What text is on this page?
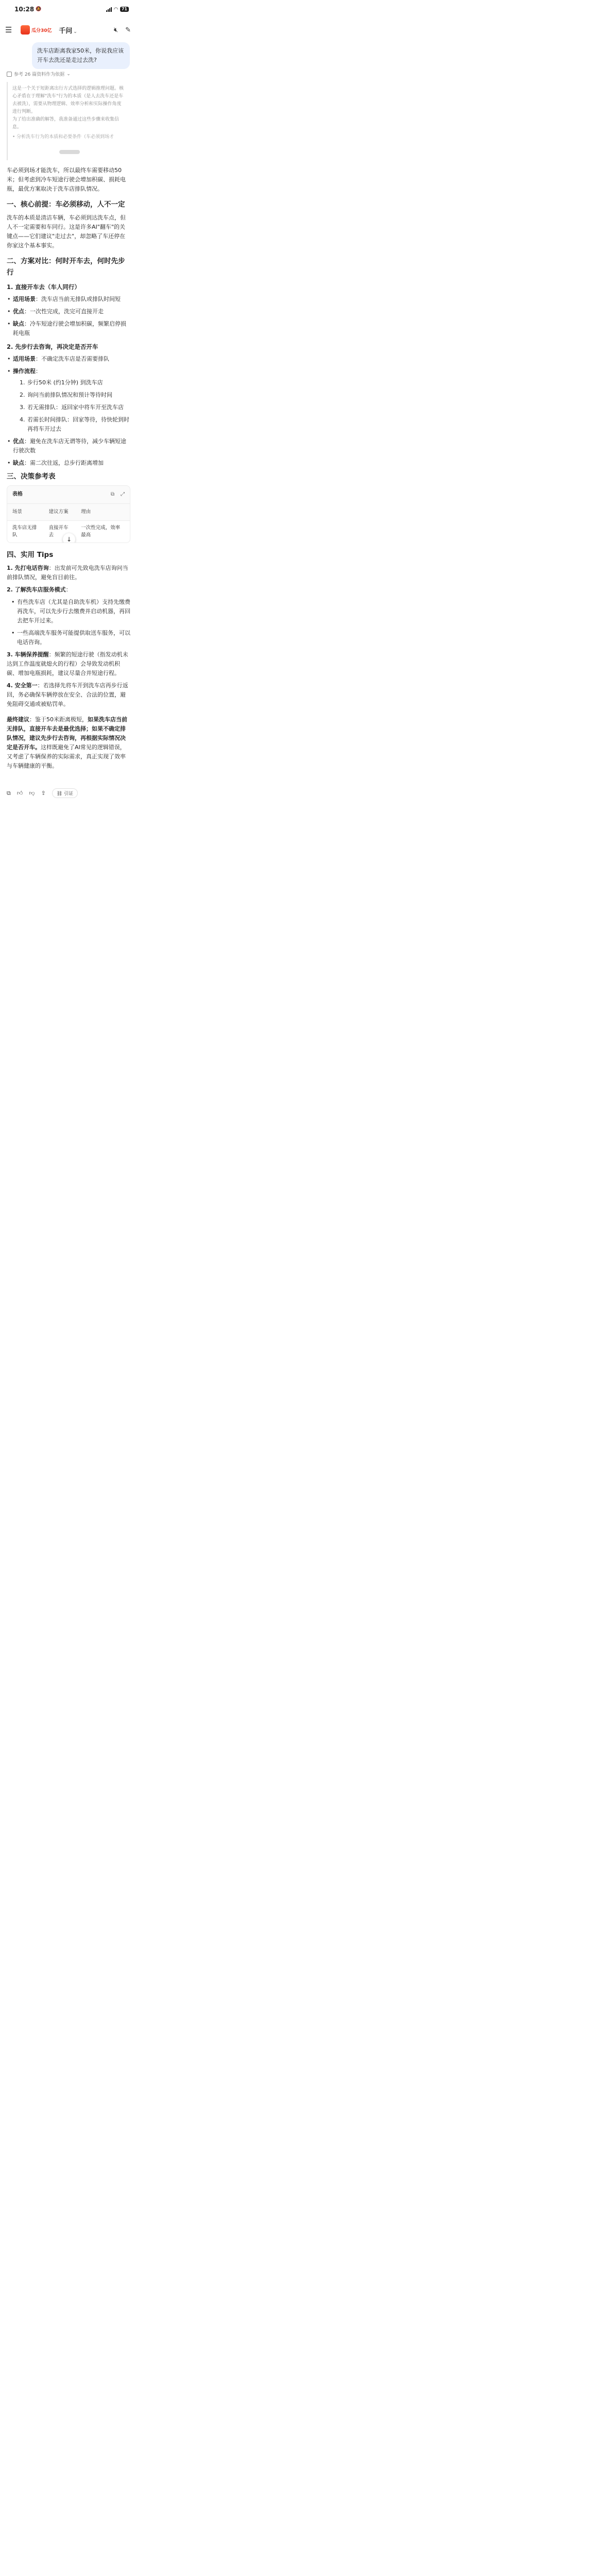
10:28 🔕	◠ 71
☰	瓜分30亿	千问 ⌄	🔇︎ ✎
洗车店距离我家50米，你说我应该开车去洗还是走过去洗?
参考 26 篇资料作为依据 ⌄
这是一个关于短距离出行方式选择的逻辑推理问题。核心矛盾在于理解"洗车"行为的本质（是人去洗车还是车去被洗），需要从物理逻辑、效率分析和实际操作角度进行判断。
为了给出准确的解答，我准备通过这些步骤来收集信息。
• 分析洗车行为的本质和必要条件（车必须到场才

车必须到场才能洗车，所以最终车需要移动50米；但考虑到冷车短途行驶会增加积碳、损耗电瓶，最优方案取决于洗车店排队情况。

一、核心前提：车必须移动，人不一定

洗车的本质是清洁车辆，车必须到达洗车点，但人不一定需要和车同行。这是许多AI"翻车"的关键点——它们建议"走过去"，却忽略了车还停在你家这个基本事实。

二、方案对比：何时开车去，何时先步行
1. 直接开车去（车人同行）
• 适用场景：洗车店当前无排队或排队时间短
• 优点：一次性完成，洗完可直接开走
• 缺点：冷车短途行驶会增加积碳，频繁启停损耗电瓶
2. 先步行去咨询，再决定是否开车
• 适用场景：不确定洗车店是否需要排队
• 操作流程：
1. 步行50米 (约1分钟) 到洗车店
2. 询问当前排队情况和预计等待时间
3. 若无需排队：返回家中将车开至洗车店
4. 若需长时间排队：回家等待，待快轮到时再将车开过去
• 优点：避免在洗车店无谓等待，减少车辆短途行驶次数
• 缺点：需二次往返，总步行距离增加
三、决策参考表
表格	⧉ ⤢
场景	建议方案	理由
洗车店无排队	直接开车去	一次性完成，效率最高
↓
四、实用 Tips
1. 先打电话咨询：出发前可先致电洗车店询问当前排队情况，避免盲目前往。
2. 了解洗车店服务模式：
• 有些洗车店（尤其是自助洗车机）支持先缴费再洗车，可以先步行去缴费并启动机器，再回去把车开过来。
• 一些高端洗车服务可能提供取送车服务，可以电话咨询。
3. 车辆保养提醒：频繁的短途行驶（指发动机未达到工作温度就熄火的行程）会导致发动机积碳、增加电瓶损耗，建议尽量合并短途行程。
4. 安全第一：若选择先将车开到洗车店再步行返回，务必确保车辆停放在安全、合法的位置，避免阻碍交通或被贴罚单。

最终建议：鉴于50米距离极短，如果洗车店当前无排队，直接开车去是最优选择；如果不确定排队情况，建议先步行去咨询，再根据实际情况决定是否开车。这样既避免了AI常见的逻辑错误，又考虑了车辆保养的实际需求，真正实现了效率与车辆健康的平衡。

⧉ 👍︎ 👎︎ ⇪	⛓ 引证
